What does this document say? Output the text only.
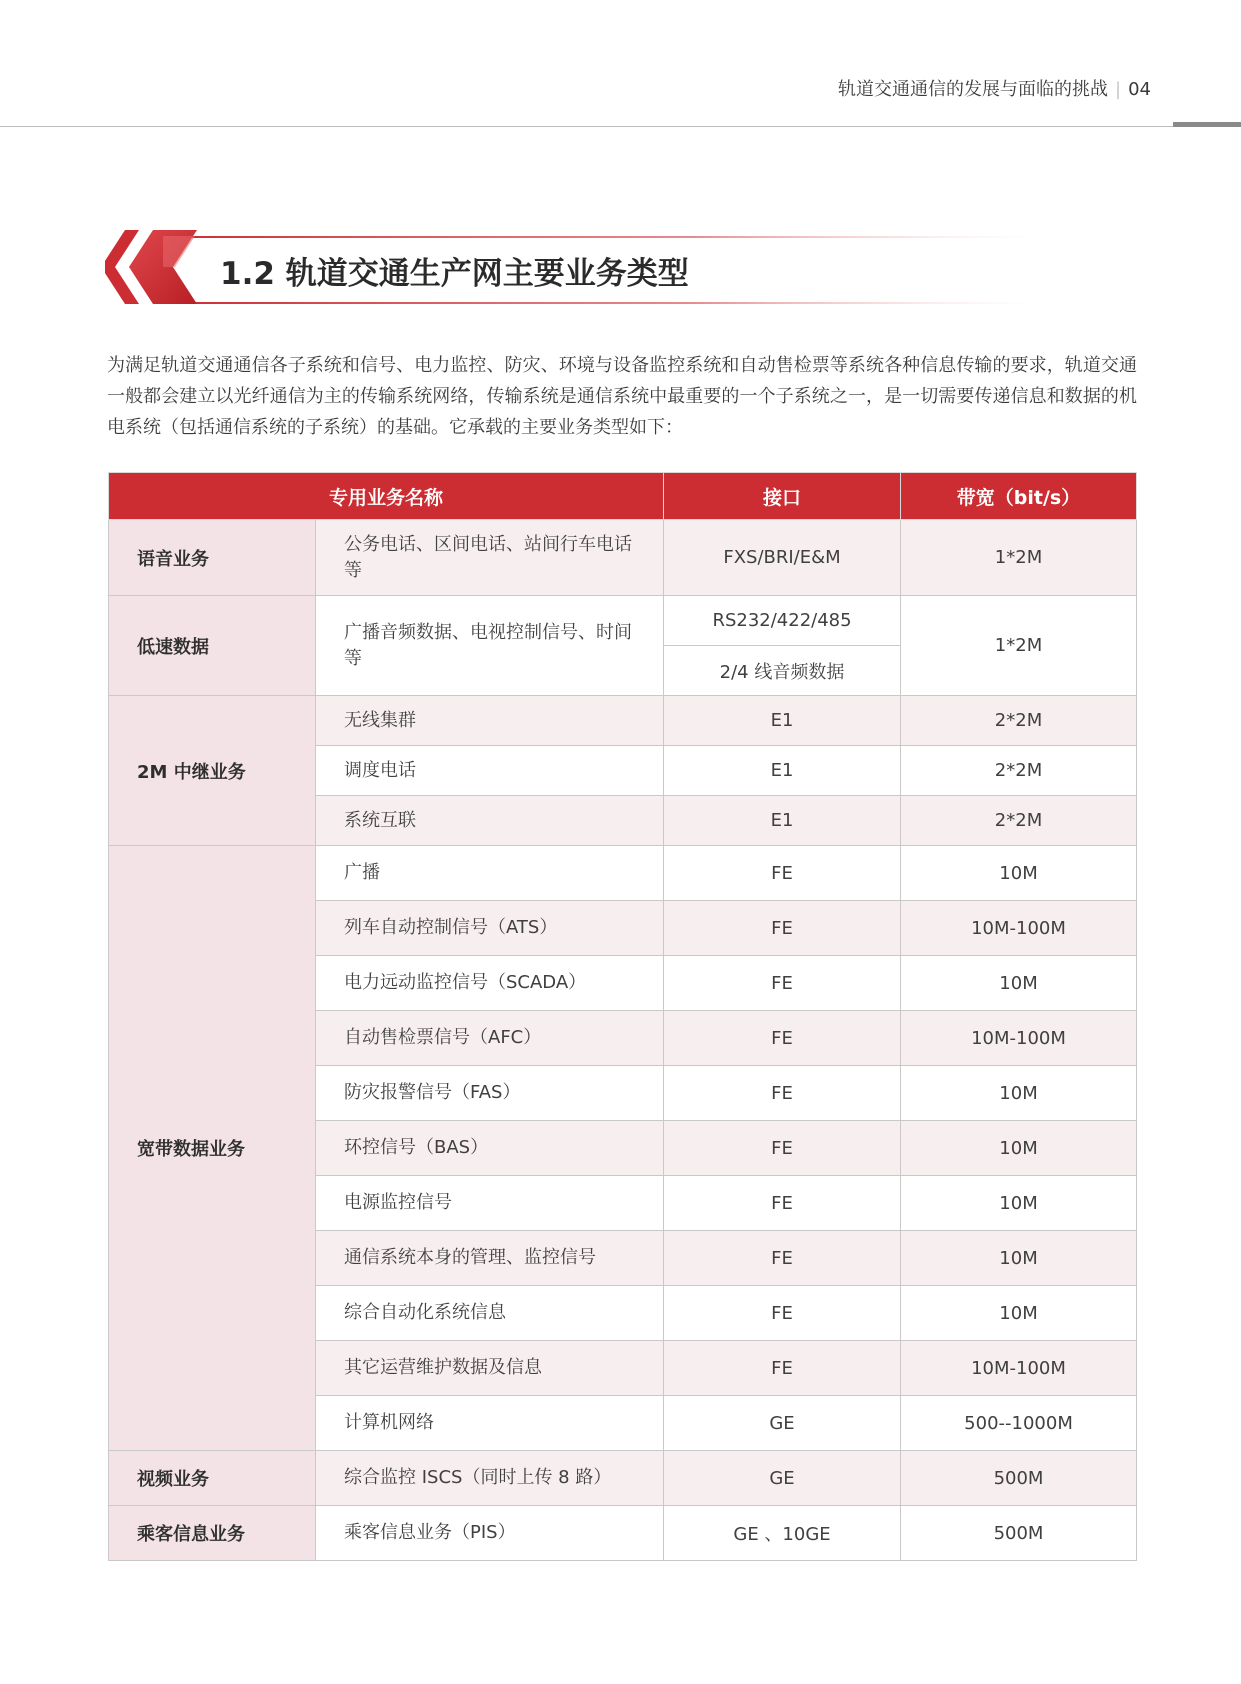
轨道交通通信的发展与面临的挑战 | 04
1.2 轨道交通生产网主要业务类型

为满足轨道交通通信各子系统和信号、电力监控、防灾、环境与设备监控系统和自动售检票等系统各种信息传输的要求，轨道交通一般都会建立以光纤通信为主的传输系统网络，传输系统是通信系统中最重要的一个子系统之一，是一切需要传递信息和数据的机电系统（包括通信系统的子系统）的基础。它承载的主要业务类型如下：

专用业务名称		接口	带宽（bit/s）
语音业务	公务电话、区间电话、站间行车电话等	FXS/BRI/E&M	1*2M
低速数据	广播音频数据、电视控制信号、时间等	RS232/422/485	1*2M
		2/4 线音频数据	
2M 中继业务	无线集群	E1	2*2M
	调度电话	E1	2*2M
	系统互联	E1	2*2M
宽带数据业务	广播	FE	10M
	列车自动控制信号（ATS）	FE	10M-100M
	电力远动监控信号（SCADA）	FE	10M
	自动售检票信号（AFC）	FE	10M-100M
	防灾报警信号（FAS）	FE	10M
	环控信号（BAS）	FE	10M
	电源监控信号	FE	10M
	通信系统本身的管理、监控信号	FE	10M
	综合自动化系统信息	FE	10M
	其它运营维护数据及信息	FE	10M-100M
	计算机网络	GE	500--1000M
视频业务	综合监控 ISCS（同时上传 8 路）	GE	500M
乘客信息业务	乘客信息业务（PIS）	GE 、10GE	500M
